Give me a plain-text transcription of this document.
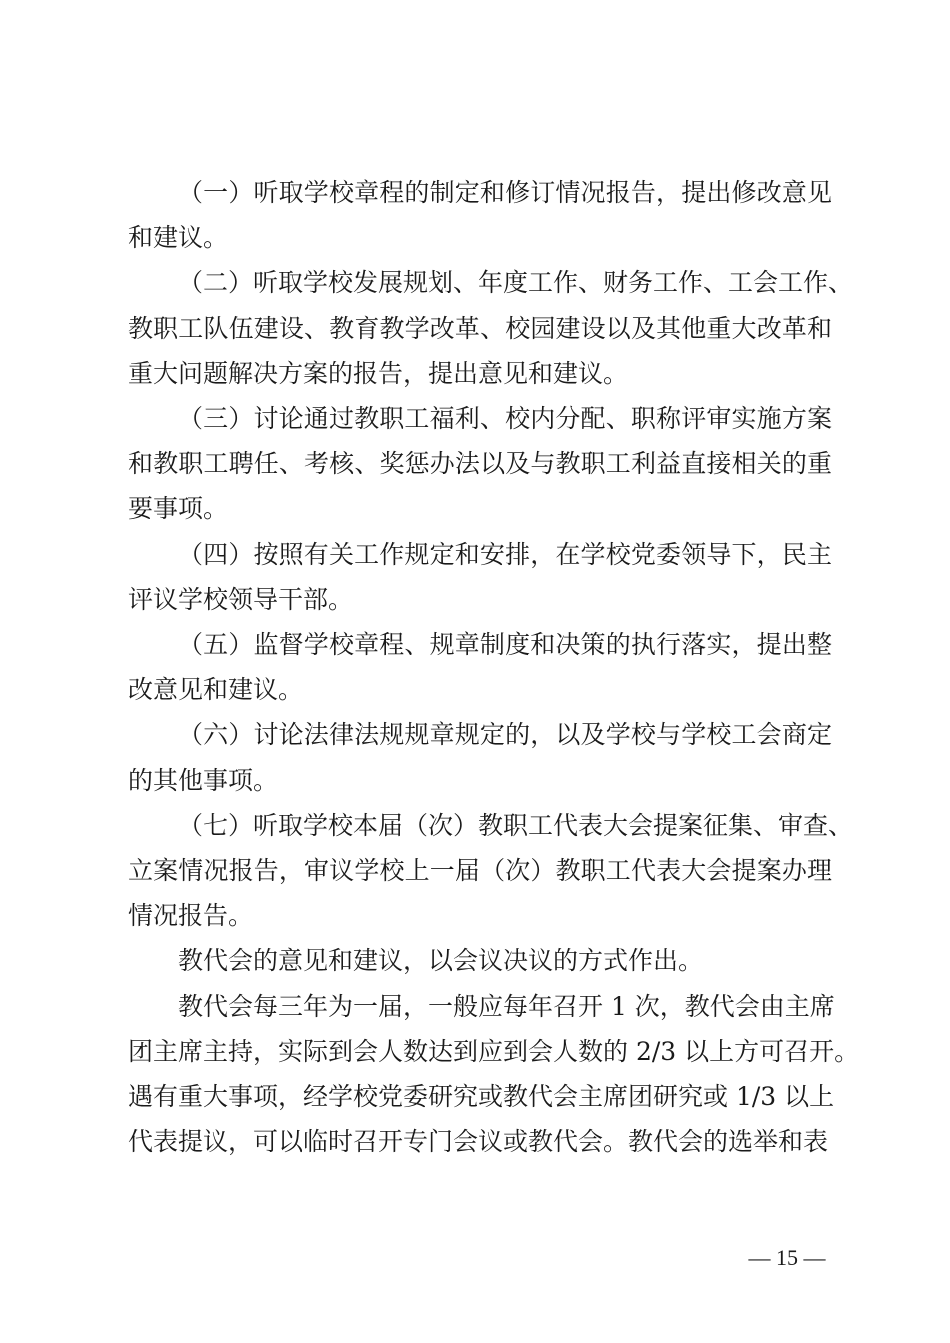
（一）听取学校章程的制定和修订情况报告，提出修改意见
和建议。
（二）听取学校发展规划、年度工作、财务工作、工会工作、
教职工队伍建设、教育教学改革、校园建设以及其他重大改革和
重大问题解决方案的报告，提出意见和建议。
（三）讨论通过教职工福利、校内分配、职称评审实施方案
和教职工聘任、考核、奖惩办法以及与教职工利益直接相关的重
要事项。
（四）按照有关工作规定和安排，在学校党委领导下，民主
评议学校领导干部。
（五）监督学校章程、规章制度和决策的执行落实，提出整
改意见和建议。
（六）讨论法律法规规章规定的，以及学校与学校工会商定
的其他事项。
（七）听取学校本届（次）教职工代表大会提案征集、审查、
立案情况报告，审议学校上一届（次）教职工代表大会提案办理
情况报告。
教代会的意见和建议，以会议决议的方式作出。
教代会每三年为一届，一般应每年召开 1 次，教代会由主席
团主席主持，实际到会人数达到应到会人数的 2/3 以上方可召开。
遇有重大事项，经学校党委研究或教代会主席团研究或 1/3 以上
代表提议，可以临时召开专门会议或教代会。教代会的选举和表
— 15 —
